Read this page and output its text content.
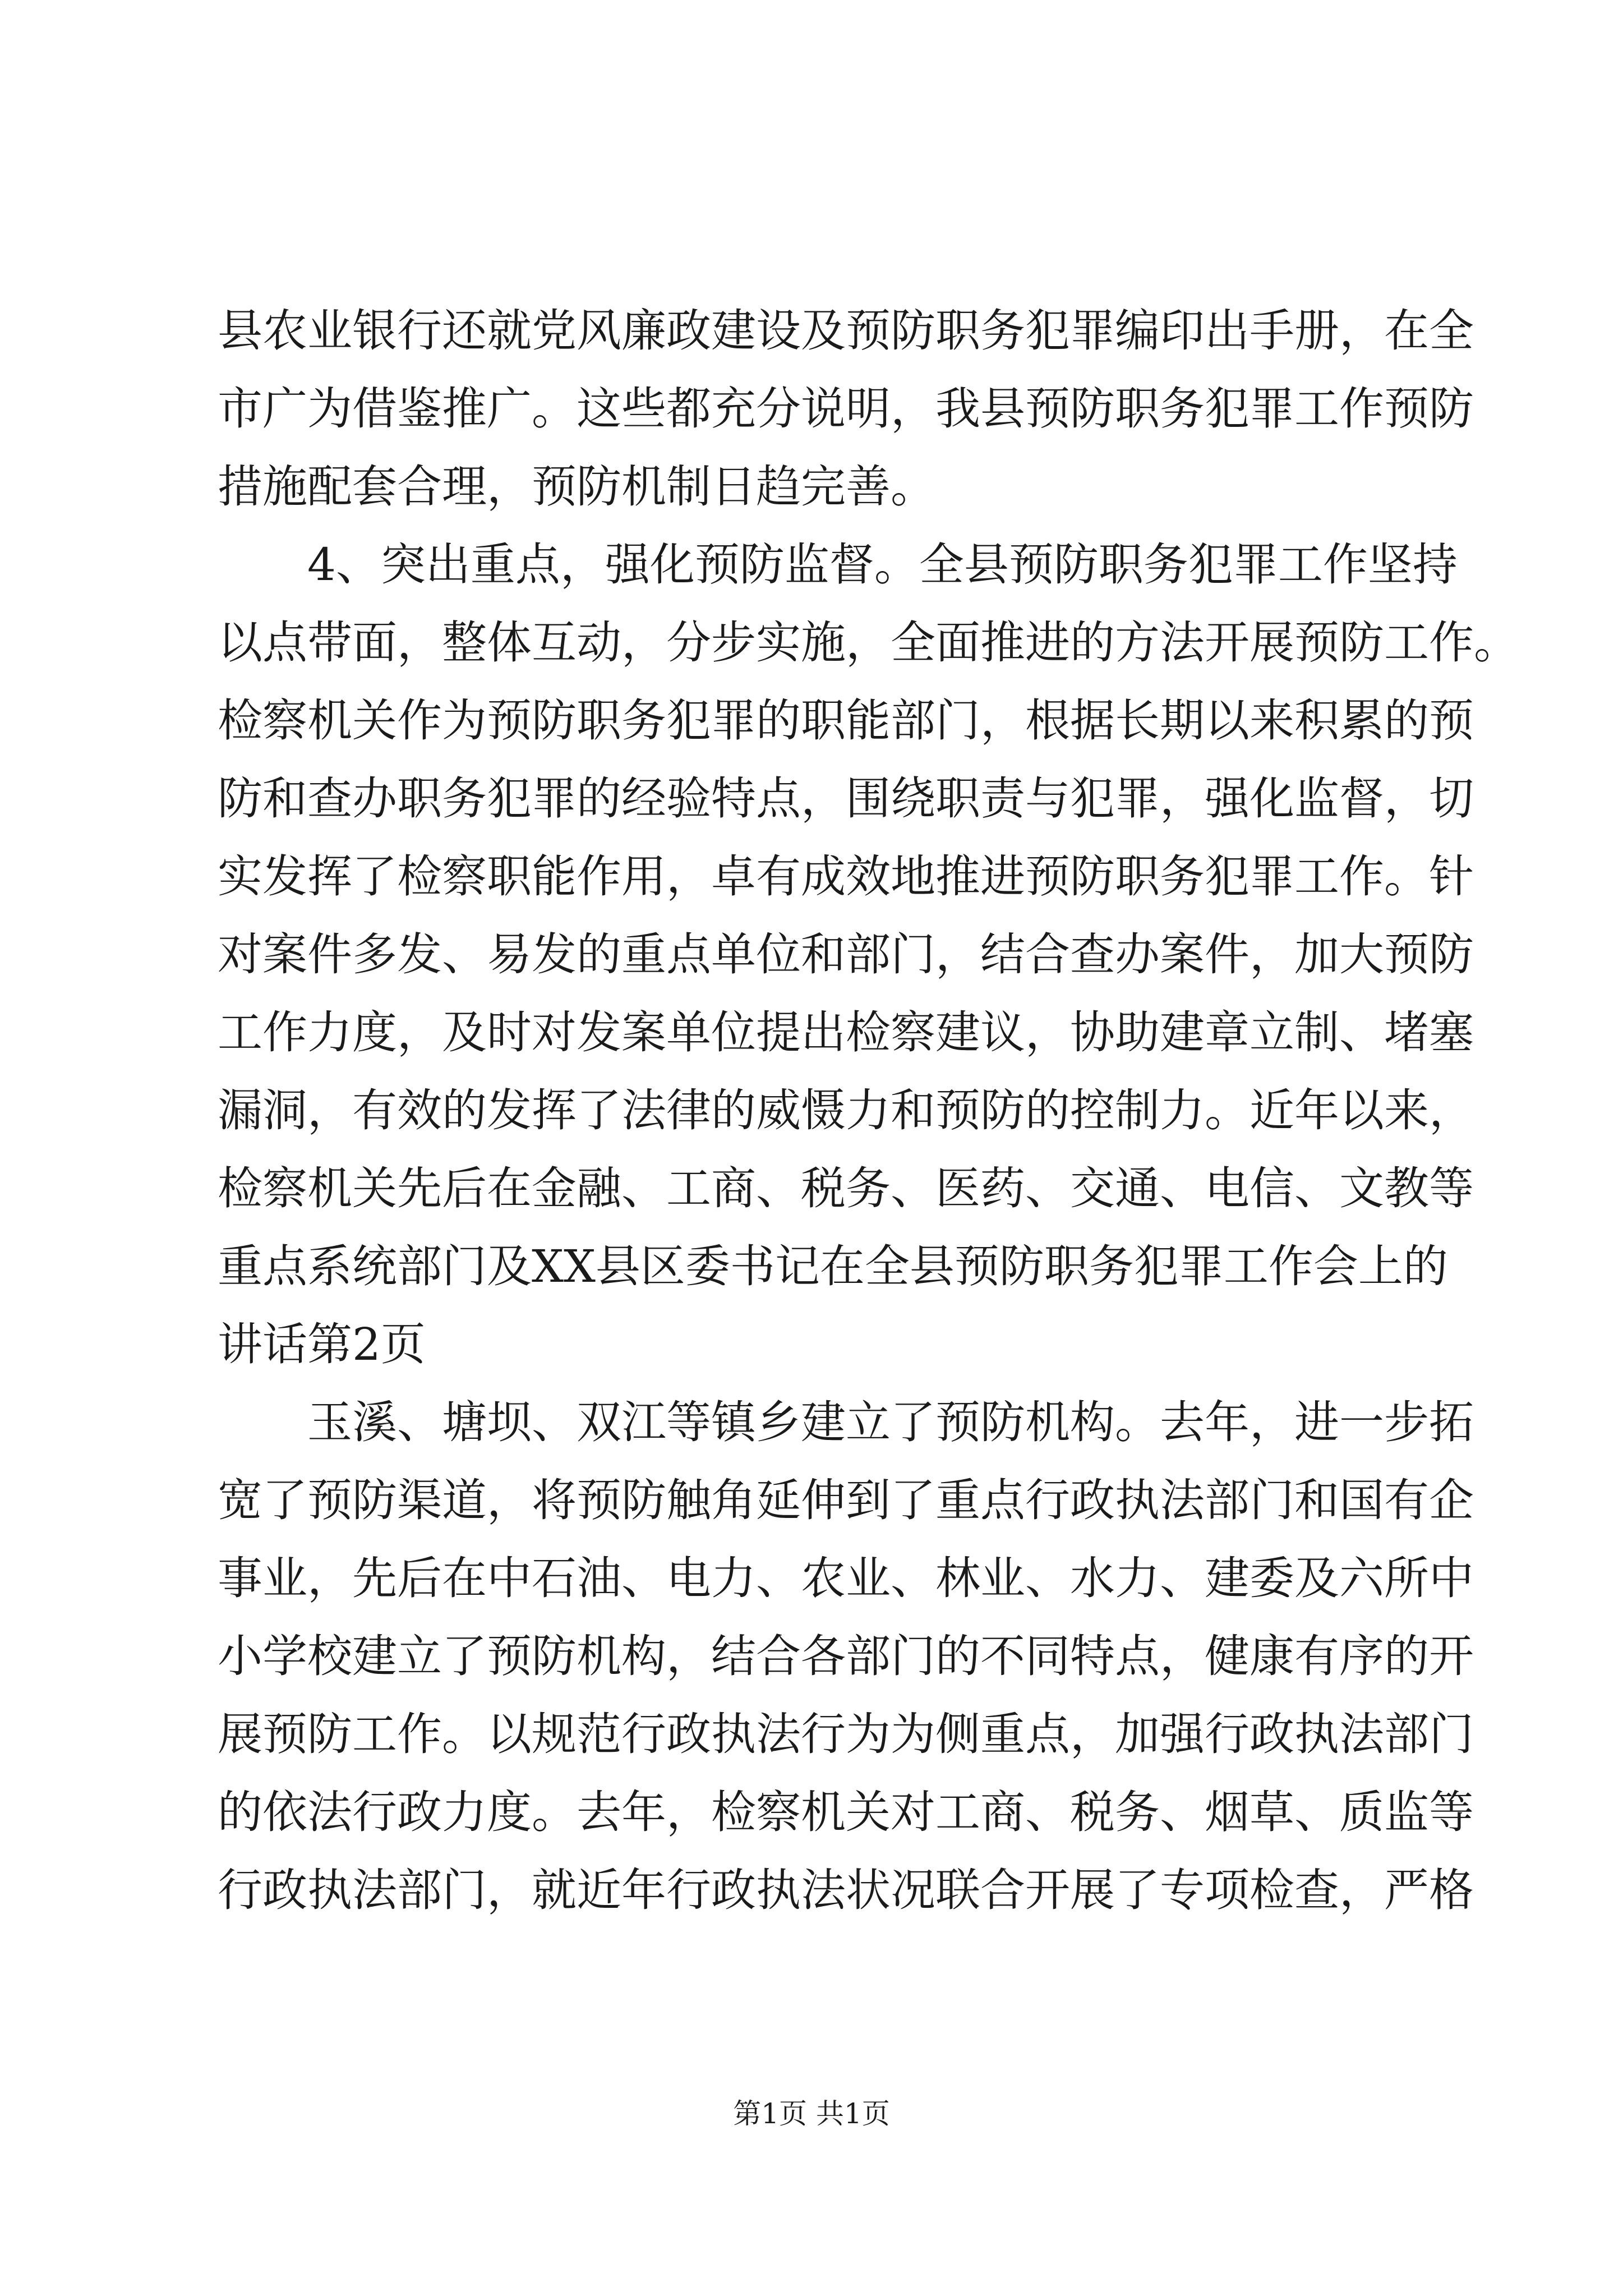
县农业银行还就党风廉政建设及预防职务犯罪编印出手册，在全
市广为借鉴推广。这些都充分说明，我县预防职务犯罪工作预防
措施配套合理，预防机制日趋完善。
　　4、突出重点，强化预防监督。全县预防职务犯罪工作坚持
以点带面，整体互动，分步实施，全面推进的方法开展预防工作。
检察机关作为预防职务犯罪的职能部门，根据长期以来积累的预
防和查办职务犯罪的经验特点，围绕职责与犯罪，强化监督，切
实发挥了检察职能作用，卓有成效地推进预防职务犯罪工作。针
对案件多发、易发的重点单位和部门，结合查办案件，加大预防
工作力度，及时对发案单位提出检察建议，协助建章立制、堵塞
漏洞，有效的发挥了法律的威慑力和预防的控制力。近年以来，
检察机关先后在金融、工商、税务、医药、交通、电信、文教等
重点系统部门及XX县区委书记在全县预防职务犯罪工作会上的
讲话第2页
　　玉溪、塘坝、双江等镇乡建立了预防机构。去年，进一步拓
宽了预防渠道，将预防触角延伸到了重点行政执法部门和国有企
事业，先后在中石油、电力、农业、林业、水力、建委及六所中
小学校建立了预防机构，结合各部门的不同特点，健康有序的开
展预防工作。以规范行政执法行为为侧重点，加强行政执法部门
的依法行政力度。去年，检察机关对工商、税务、烟草、质监等
行政执法部门，就近年行政执法状况联合开展了专项检查，严格
第1页 共1页
